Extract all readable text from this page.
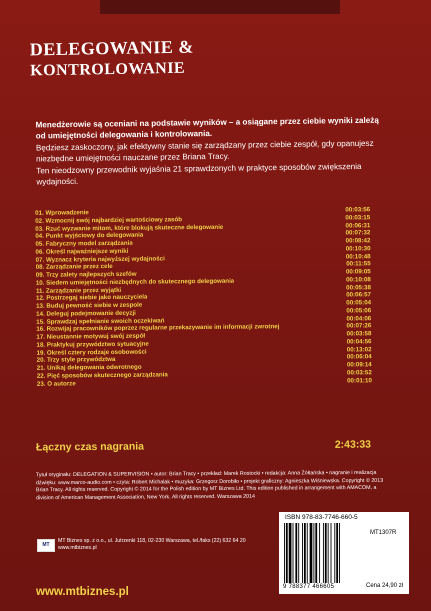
DELEGOWANIE &
KONTROLOWANIE

Menedżerowie są oceniani na podstawie wyników – a osiągane przez ciebie wyniki zależą od umiejętności delegowania i kontrolowania.

Będziesz zaskoczony, jak efektywny stanie się zarządzany przez ciebie zespół, gdy opanujesz niezbędne umiejętności nauczane przez Briana Tracy.

Ten nieodzowny przewodnik wyjaśnia 21 sprawdzonych w praktyce sposobów zwiększenia wydajności.

01. Wprowadzenie	00:03:56
02. Wzmocnij swój najbardziej wartościowy zasób	00:03:15
03. Rzuć wyzwanie mitom, które blokują skuteczne delegowanie	00:06:31
04. Punkt wyjściowy do delegowania	00:07:32
05. Fabryczny model zarządzania	00:08:42
06. Określ najważniejsze wyniki	00:10:30
07. Wyznacz kryteria najwyższej wydajności	00:10:48
08. Zarządzanie przez cele	00:11:55
09. Trzy zalety najlepszych szefów	00:09:05
10. Siedem umiejętności niezbędnych do skutecznego delegowania	00:10:08
11. Zarządzanie przez wyjątki	00:05:38
12. Postrzegaj siebie jako nauczyciela	00:06:57
13. Buduj pewność siebie w zespole	00:05:04
14. Deleguj podejmowanie decyzji	00:05:06
15. Sprawdzaj spełnianie swoich oczekiwań	00:04:06
16. Rozwijaj pracowników poprzez regularne przekazywanie im informacji zwrotnej	00:07:26
17. Nieustannie motywuj swój zespół	00:03:58
18. Praktykuj przywództwo sytuacyjne	00:04:56
19. Określ cztery rodzaje osobowości	00:13:02
20. Trzy style przywództwa	00:06:04
21. Unikaj delegowania odwrotnego	00:09:14
22. Pięć sposobów skutecznego zarządzania	00:03:52
23. O autorze	00:01:10
Łączny czas nagrania	2:43:33

Tytuł oryginału: DELEGATION & SUPERVISION • autor: Brian Tracy • przekład: Marek Rostocki • redakcja: Anna Żółtańska • nagranie i realizacja dźwięku: www.marco-audio.com • czyta: Robert Michalak • muzyka: Grzegorz Dorobiło • projekt graficzny: Agnieszka Wiśniewska. Copyright © 2013 Brian Tracy. All rights reserved. Copyright © 2014 for the Polish edition by MT Biznes Ltd. This edition published in arrangement with AMACOM, a division of American Management Association, New York. All rights reserved. Warszawa 2014

MT
MT Biznes sp. z o.o., ul. Jutrzenki 118, 02-230 Warszawa, tel./faks (22) 632 64 20
www.mtbiznes.pl
www.mtbiznes.pl
ISBN 978-83-7746-660-5
MT1307R
9 788377 466605	Cena 24,90 zł
